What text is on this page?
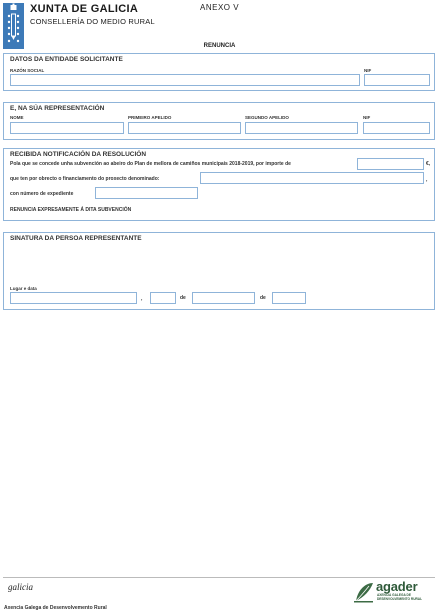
XUNTA DE GALICIA
CONSELLERÍA DO MEDIO RURAL
ANEXO V
RENUNCIA
DATOS DA ENTIDADE SOLICITANTE
RAZÓN SOCIAL	NIF
E, NA SÚA REPRESENTACIÓN
NOME	PRIMEIRO APELIDO	SEGUNDO APELIDO	NIF
RECIBIDA NOTIFICACIÓN DA RESOLUCIÓN
Pola que se concede unha subvención ao abeiro do Plan de mellora de camiños municipais 2018-2019, por importe de	€,
que ten por obrecto o financiamento do proxecto denominado:	,
con número de expediente
RENUNCIA EXPRESAMENTE Á DITA SUBVENCIÓN
SINATURA DA PERSOA REPRESENTANTE
Lugar e data
,	de	de
galicia	agader
AXENCIA GALEGA DE
DESENVOLVEMENTO RURAL
Axencia Galega de Desenvolvemento Rural
